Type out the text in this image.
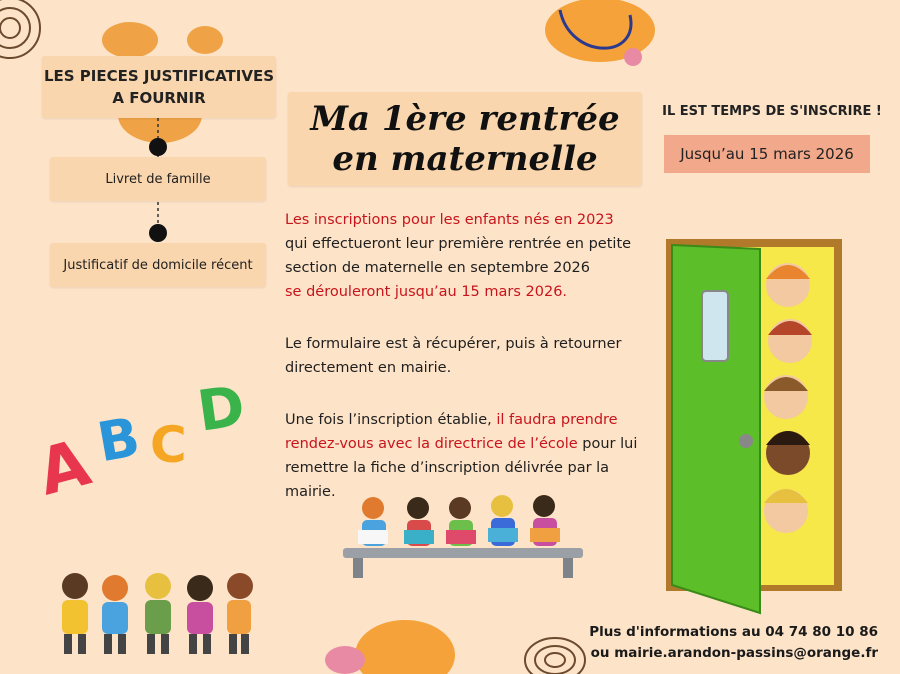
LES PIECES JUSTIFICATIVES
A FOURNIR
Livret de famille
Justificatif de domicile récent
A
B C
D
Ma 1ère rentrée
en maternelle
IL EST TEMPS DE S'INSCRIRE !
Jusqu’au 15 mars 2026
Les inscriptions pour les enfants nés en 2023
qui effectueront leur première rentrée en petite
section de maternelle en septembre 2026
se dérouleront jusqu’au 15 mars 2026.
Le formulaire est à récupérer, puis à retourner
directement en mairie.
Une fois l’inscription établie, il faudra prendre
rendez-vous avec la directrice de l’école pour lui
remettre la fiche d’inscription délivrée par la
mairie.
Plus d'informations au 04 74 80 10 86
ou mairie.arandon-passins@orange.fr
